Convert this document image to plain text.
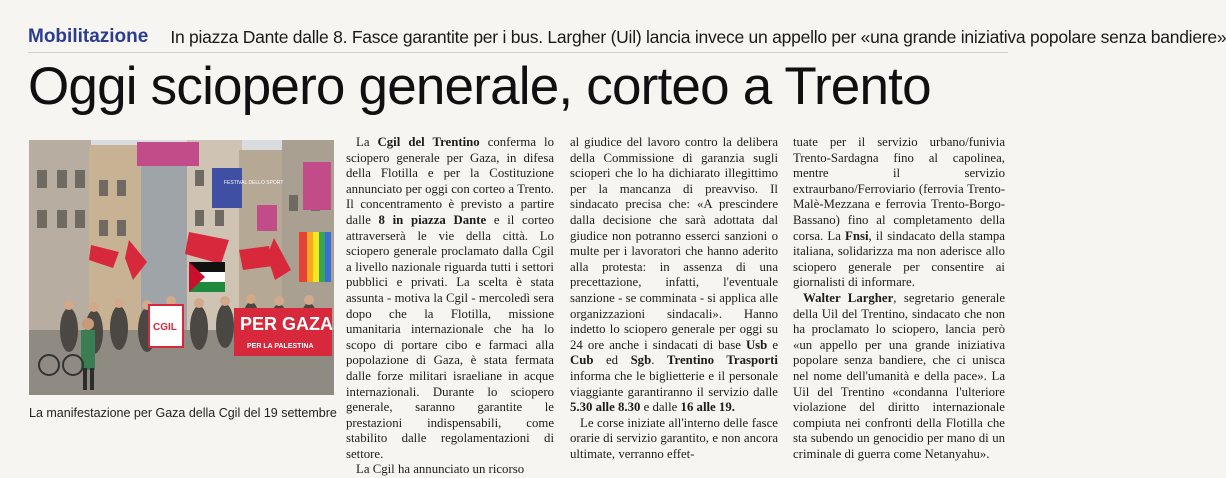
Mobilitazione	In piazza Dante dalle 8. Fasce garantite per i bus. Largher (Uil) lancia invece un appello per «una grande iniziativa popolare senza bandiere»
Oggi sciopero generale, corteo a Trento
FESTIVAL DELLO SPORT
CGIL	PER GAZA
PER LA PALESTINA
La manifestazione per Gaza della Cgil del 19 settembre

La Cgil del Trentino conferma lo sciopero generale per Gaza, in difesa della Flotilla e per la Costituzione annunciato per oggi con corteo a Trento. Il concentramento è previsto a partire dalle 8 in piazza Dante e il corteo attraverserà le vie della città. Lo sciopero generale proclamato dalla Cgil a livello nazionale riguarda tutti i settori pubblici e privati. La scelta è stata assunta - motiva la Cgil - mercoledì sera dopo che la Flotilla, missione umanitaria internazionale che ha lo scopo di portare cibo e farmaci alla popolazione di Gaza, è stata fermata dalle forze militari israeliane in acque internazionali. Durante lo sciopero generale, saranno garantite le prestazioni indispensabili, come stabilito dalle regolamentazioni di settore.

La Cgil ha annunciato un ricorso

al giudice del lavoro contro la delibera della Commissione di garanzia sugli scioperi che lo ha dichiarato illegittimo per la mancanza di preavviso. Il sindacato precisa che: «A prescindere dalla decisione che sarà adottata dal giudice non potranno esserci sanzioni o multe per i lavoratori che hanno aderito alla protesta: in assenza di una precettazione, infatti, l'eventuale sanzione - se comminata - si applica alle organizzazioni sindacali». Hanno indetto lo sciopero generale per oggi su 24 ore anche i sindacati di base Usb e Cub ed Sgb. Trentino Trasporti informa che le biglietterie e il personale viaggiante garantiranno il servizio dalle 5.30 alle 8.30 e dalle 16 alle 19.

Le corse iniziate all'interno delle fasce orarie di servizio garantito, e non ancora ultimate, verranno effet-

tuate per il servizio urbano/funivia Trento-Sardagna fino al capolinea, mentre il servizio extraurbano/Ferroviario (ferrovia Trento-Malè-Mezzana e ferrovia Trento-Borgo-Bassano) fino al completamento della corsa. La Fnsi, il sindacato della stampa italiana, solidarizza ma non aderisce allo sciopero generale per consentire ai giornalisti di informare.

Walter Largher, segretario generale della Uil del Trentino, sindacato che non ha proclamato lo sciopero, lancia però «un appello per una grande iniziativa popolare senza bandiere, che ci unisca nel nome dell'umanità e della pace». La Uil del Trentino «condanna l'ulteriore violazione del diritto internazionale compiuta nei confronti della Flotilla che sta subendo un genocidio per mano di un criminale di guerra come Netanyahu».
